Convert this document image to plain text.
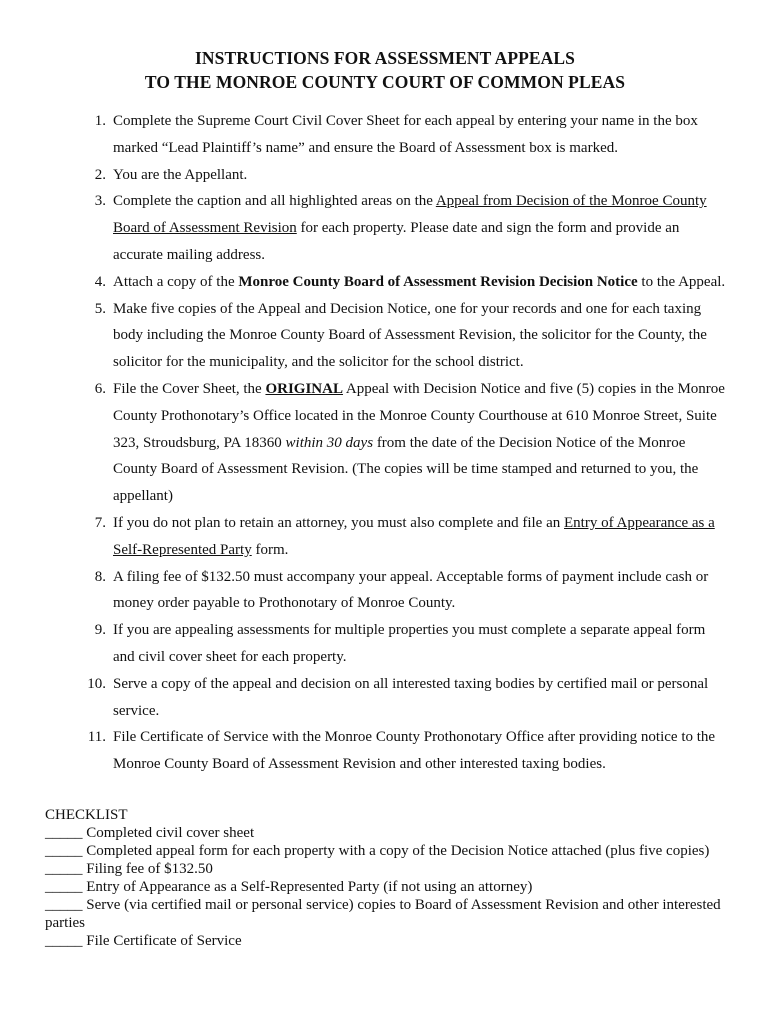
INSTRUCTIONS FOR ASSESSMENT APPEALS
TO THE MONROE COUNTY COURT OF COMMON PLEAS
1. Complete the Supreme Court Civil Cover Sheet for each appeal by entering your name in the box marked “Lead Plaintiff’s name” and ensure the Board of Assessment box is marked.
2. You are the Appellant.
3. Complete the caption and all highlighted areas on the Appeal from Decision of the Monroe County Board of Assessment Revision for each property. Please date and sign the form and provide an accurate mailing address.
4. Attach a copy of the Monroe County Board of Assessment Revision Decision Notice to the Appeal.
5. Make five copies of the Appeal and Decision Notice, one for your records and one for each taxing body including the Monroe County Board of Assessment Revision, the solicitor for the County, the solicitor for the municipality, and the solicitor for the school district.
6. File the Cover Sheet, the ORIGINAL Appeal with Decision Notice and five (5) copies in the Monroe County Prothonotary’s Office located in the Monroe County Courthouse at 610 Monroe Street, Suite 323, Stroudsburg, PA 18360 within 30 days from the date of the Decision Notice of the Monroe County Board of Assessment Revision. (The copies will be time stamped and returned to you, the appellant)
7. If you do not plan to retain an attorney, you must also complete and file an Entry of Appearance as a Self-Represented Party form.
8. A filing fee of $132.50 must accompany your appeal. Acceptable forms of payment include cash or money order payable to Prothonotary of Monroe County.
9. If you are appealing assessments for multiple properties you must complete a separate appeal form and civil cover sheet for each property.
10. Serve a copy of the appeal and decision on all interested taxing bodies by certified mail or personal service.
11. File Certificate of Service with the Monroe County Prothonotary Office after providing notice to the Monroe County Board of Assessment Revision and other interested taxing bodies.
CHECKLIST
_____ Completed civil cover sheet
_____ Completed appeal form for each property with a copy of the Decision Notice attached (plus five copies)
_____ Filing fee of $132.50
_____ Entry of Appearance as a Self-Represented Party (if not using an attorney)
_____ Serve (via certified mail or personal service) copies to Board of Assessment Revision and other interested parties
_____ File Certificate of Service
